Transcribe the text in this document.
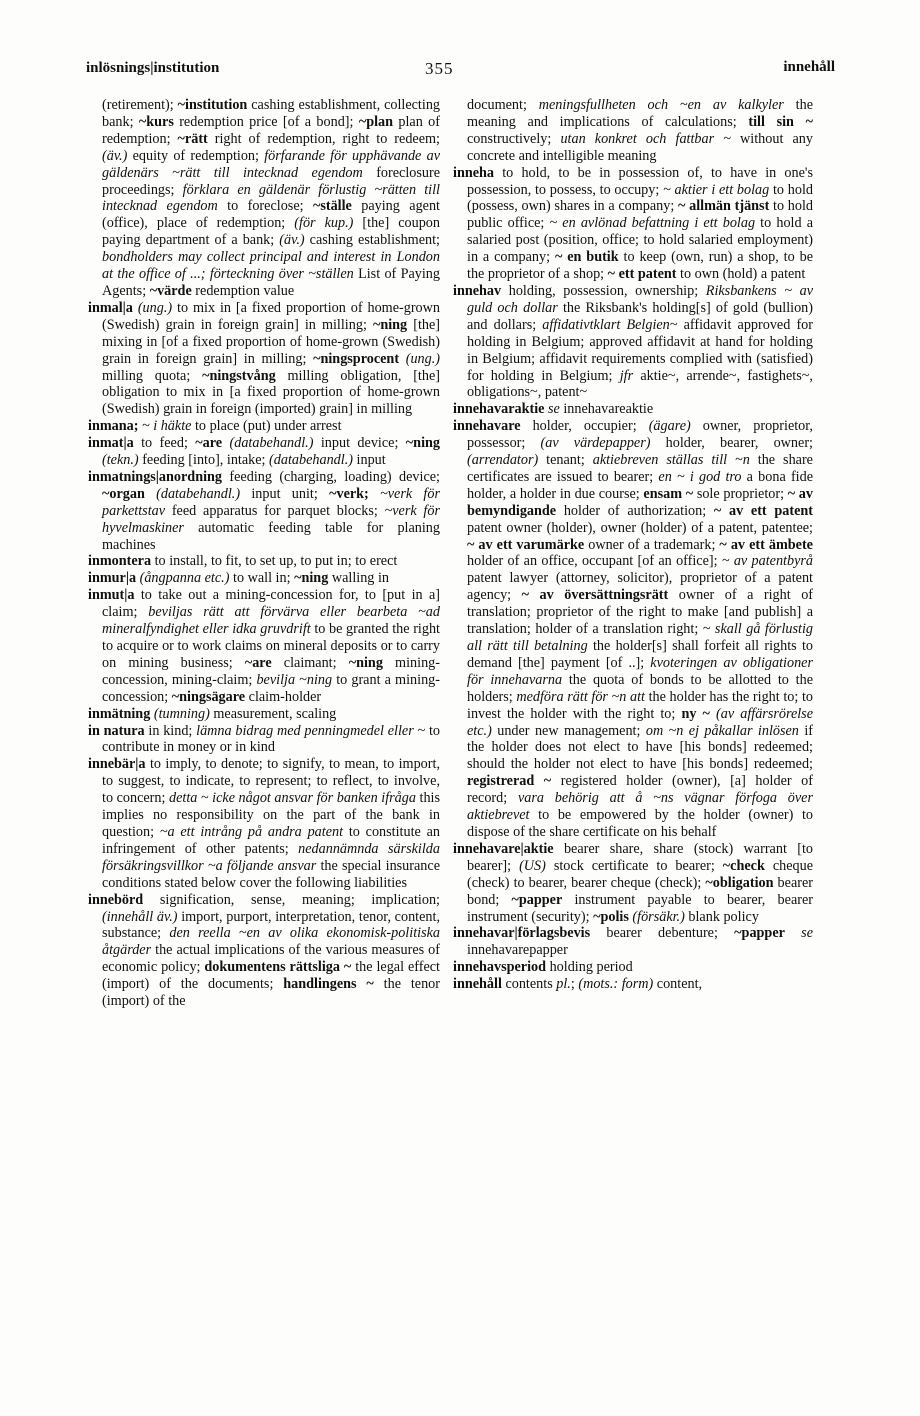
inlösnings|institution	355	innehåll

(retirement); ~institution cashing establishment, collecting bank; ~kurs redemption price [of a bond]; ~plan plan of redemption; ~rätt right of redemption, right to redeem; (äv.) equity of redemption; förfarande för upphävande av gäldenärs ~rätt till intecknad egendom foreclosure proceedings; förklara en gäldenär förlustig ~rätten till intecknad egendom to foreclose; ~ställe paying agent (office), place of redemption; (för kup.) [the] coupon paying department of a bank; (äv.) cashing establishment; bondholders may collect principal and interest in London at the office of ...; förteckning över ~ställen List of Paying Agents; ~värde redemption value

inmal|a (ung.) to mix in [a fixed proportion of home-grown (Swedish) grain in foreign grain] in milling; ~ning [the] mixing in [of a fixed proportion of home-grown (Swedish) grain in foreign grain] in milling; ~ningsprocent (ung.) milling quota; ~ningstvång milling obligation, [the] obligation to mix in [a fixed proportion of home-grown (Swedish) grain in foreign (imported) grain] in milling

inmana; ~ i häkte to place (put) under arrest

inmat|a to feed; ~are (databehandl.) input device; ~ning (tekn.) feeding [into], intake; (databehandl.) input

inmatnings|anordning feeding (charging, loading) device; ~organ (databehandl.) input unit; ~verk; ~verk för parkettstav feed apparatus for parquet blocks; ~verk för hyvelmaskiner automatic feeding table for planing machines

inmontera to install, to fit, to set up, to put in; to erect

inmur|a (ångpanna etc.) to wall in; ~ning walling in

inmut|a to take out a mining-concession for, to [put in a] claim; beviljas rätt att förvärva eller bearbeta ~ad mineralfyndighet eller idka gruvdrift to be granted the right to acquire or to work claims on mineral deposits or to carry on mining business; ~are claimant; ~ning mining-concession, mining-claim; bevilja ~ning to grant a mining-concession; ~ningsägare claim-holder

inmätning (tumning) measurement, scaling

in natura in kind; lämna bidrag med penningmedel eller ~ to contribute in money or in kind

innebär|a to imply, to denote; to signify, to mean, to import, to suggest, to indicate, to represent; to reflect, to involve, to concern; detta ~ icke något ansvar för banken ifråga this implies no responsibility on the part of the bank in question; ~a ett intrång på andra patent to constitute an infringement of other patents; nedannämnda särskilda försäkringsvillkor ~a följande ansvar the special insurance conditions stated below cover the following liabilities

innebörd signification, sense, meaning; implication; (innehåll äv.) import, purport, interpretation, tenor, content, substance; den reella ~en av olika ekonomisk-politiska åtgärder the actual implications of the various measures of economic policy; dokumentens rättsliga ~ the legal effect (import) of the documents; handlingens ~ the tenor (import) of the

document; meningsfullheten och ~en av kalkyler the meaning and implications of calculations; till sin ~ constructively; utan konkret och fattbar ~ without any concrete and intelligible meaning

inneha to hold, to be in possession of, to have in one's possession, to possess, to occupy; ~ aktier i ett bolag to hold (possess, own) shares in a company; ~ allmän tjänst to hold public office; ~ en avlönad befattning i ett bolag to hold a salaried post (position, office; to hold salaried employment) in a company; ~ en butik to keep (own, run) a shop, to be the proprietor of a shop; ~ ett patent to own (hold) a patent

innehav holding, possession, ownership; Riksbankens ~ av guld och dollar the Riksbank's holding[s] of gold (bullion) and dollars; affidativtklart Belgien~ affidavit approved for holding in Belgium; approved affidavit at hand for holding in Belgium; affidavit requirements complied with (satisfied) for holding in Belgium; jfr aktie~, arrende~, fastighets~, obligations~, patent~

innehavaraktie se innehavareaktie

innehavare holder, occupier; (ägare) owner, proprietor, possessor; (av värdepapper) holder, bearer, owner; (arrendator) tenant; aktiebreven ställas till ~n the share certificates are issued to bearer; en ~ i god tro a bona fide holder, a holder in due course; ensam ~ sole proprietor; ~ av bemyndigande holder of authorization; ~ av ett patent patent owner (holder), owner (holder) of a patent, patentee; ~ av ett varumärke owner of a trademark; ~ av ett ämbete holder of an office, occupant [of an office]; ~ av patentbyrå patent lawyer (attorney, solicitor), proprietor of a patent agency; ~ av översättningsrätt owner of a right of translation; proprietor of the right to make [and publish] a translation; holder of a translation right; ~ skall gå förlustig all rätt till betalning the holder[s] shall forfeit all rights to demand [the] payment [of ..]; kvoteringen av obligationer för innehavarna the quota of bonds to be allotted to the holders; medföra rätt för ~n att the holder has the right to; to invest the holder with the right to; ny ~ (av affärsrörelse etc.) under new management; om ~n ej påkallar inlösen if the holder does not elect to have [his bonds] redeemed; should the holder not elect to have [his bonds] redeemed; registrerad ~ registered holder (owner), [a] holder of record; vara behörig att å ~ns vägnar förfoga över aktiebrevet to be empowered by the holder (owner) to dispose of the share certificate on his behalf

innehavare|aktie bearer share, share (stock) warrant [to bearer]; (US) stock certificate to bearer; ~check cheque (check) to bearer, bearer cheque (check); ~obligation bearer bond; ~papper instrument payable to bearer, bearer instrument (security); ~polis (försäkr.) blank policy

innehavar|förlagsbevis bearer debenture; ~papper se innehavarepapper

innehavsperiod holding period

innehåll contents pl.; (mots.: form) content,
